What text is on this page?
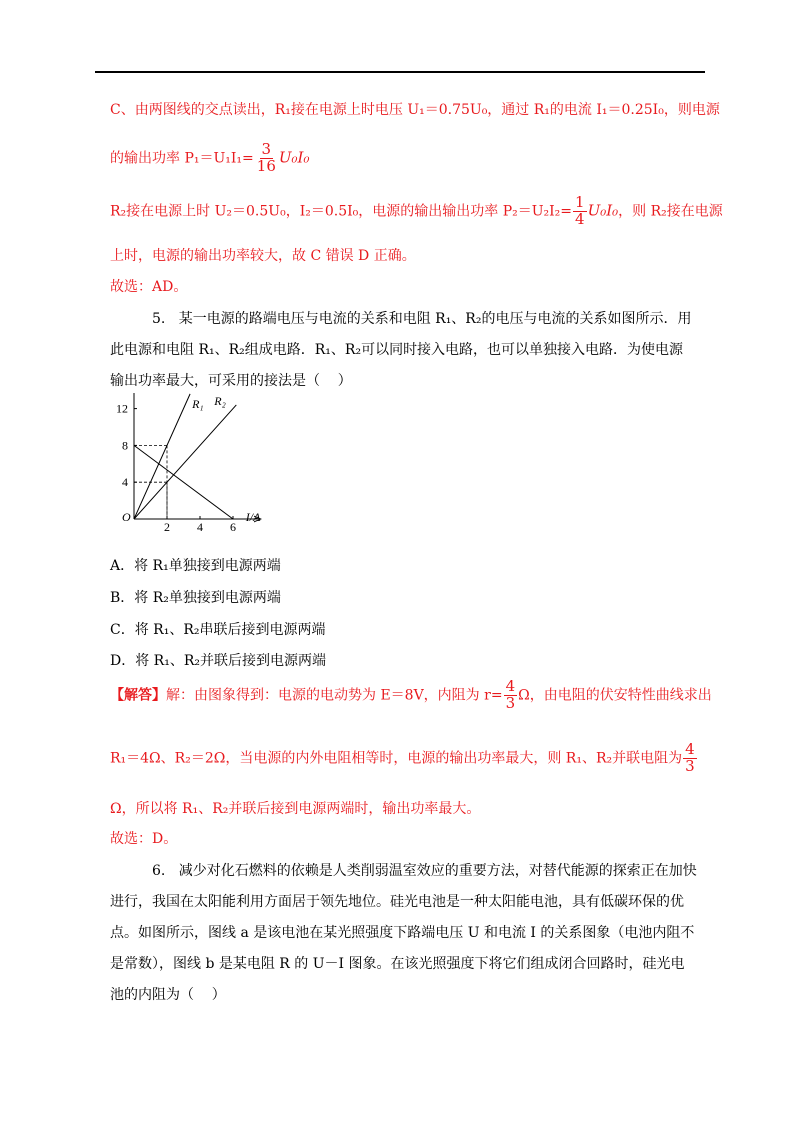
C、由两图线的交点读出，R₁接在电源上时电压 U₁＝0.75U₀，通过 R₁的电流 I₁＝0.25I₀，则电源
的输出功率 $P_1=U_1I_1= \frac{3}{16} U_0I_0$
R₂接在电源上时 U₂＝0.5U₀，I₂＝0.5I₀，电源的输出输出功率 $P_2=U_2I_2= \frac{1}{4} U_0I_0$，则 R₂接在电源
上时，电源的输出功率较大，故 C 错误 D 正确。
故选：AD。
5.   某一电源的路端电压与电流的关系和电阻 R₁、R₂的电压与电流的关系如图所示．用
此电源和电阻 R₁、R₂组成电路．R₁、R₂可以同时接入电路，也可以单独接入电路．为使电源
输出功率最大，可采用的接法是（    ）
2 4 6
4
8
12	R₁ R₂
I/A
O
A．将 R₁单独接到电源两端
B．将 R₂单独接到电源两端
C．将 R₁、R₂串联后接到电源两端
D．将 R₁、R₂并联后接到电源两端
【解答】解：由图象得到：电源的电动势为 E＝8V，内阻为 $r= \frac{4}{3}$ Ω，由电阻的伏安特性曲线求出
R₁＝4Ω、R₂＝2Ω，当电源的内外电阻相等时，电源的输出功率最大，则 R₁、R₂并联电阻为 $\frac{4}{3}$
Ω，所以将 R₁、R₂并联后接到电源两端时，输出功率最大。
故选：D。
6.   减少对化石燃料的依赖是人类削弱温室效应的重要方法，对替代能源的探索正在加快
进行，我国在太阳能利用方面居于领先地位。硅光电池是一种太阳能电池，具有低碳环保的优
点。如图所示，图线 a 是该电池在某光照强度下路端电压 U 和电流 I 的关系图象（电池内阻不
是常数），图线 b 是某电阻 R 的 U－I 图象。在该光照强度下将它们组成闭合回路时，硅光电
池的内阻为（    ）
